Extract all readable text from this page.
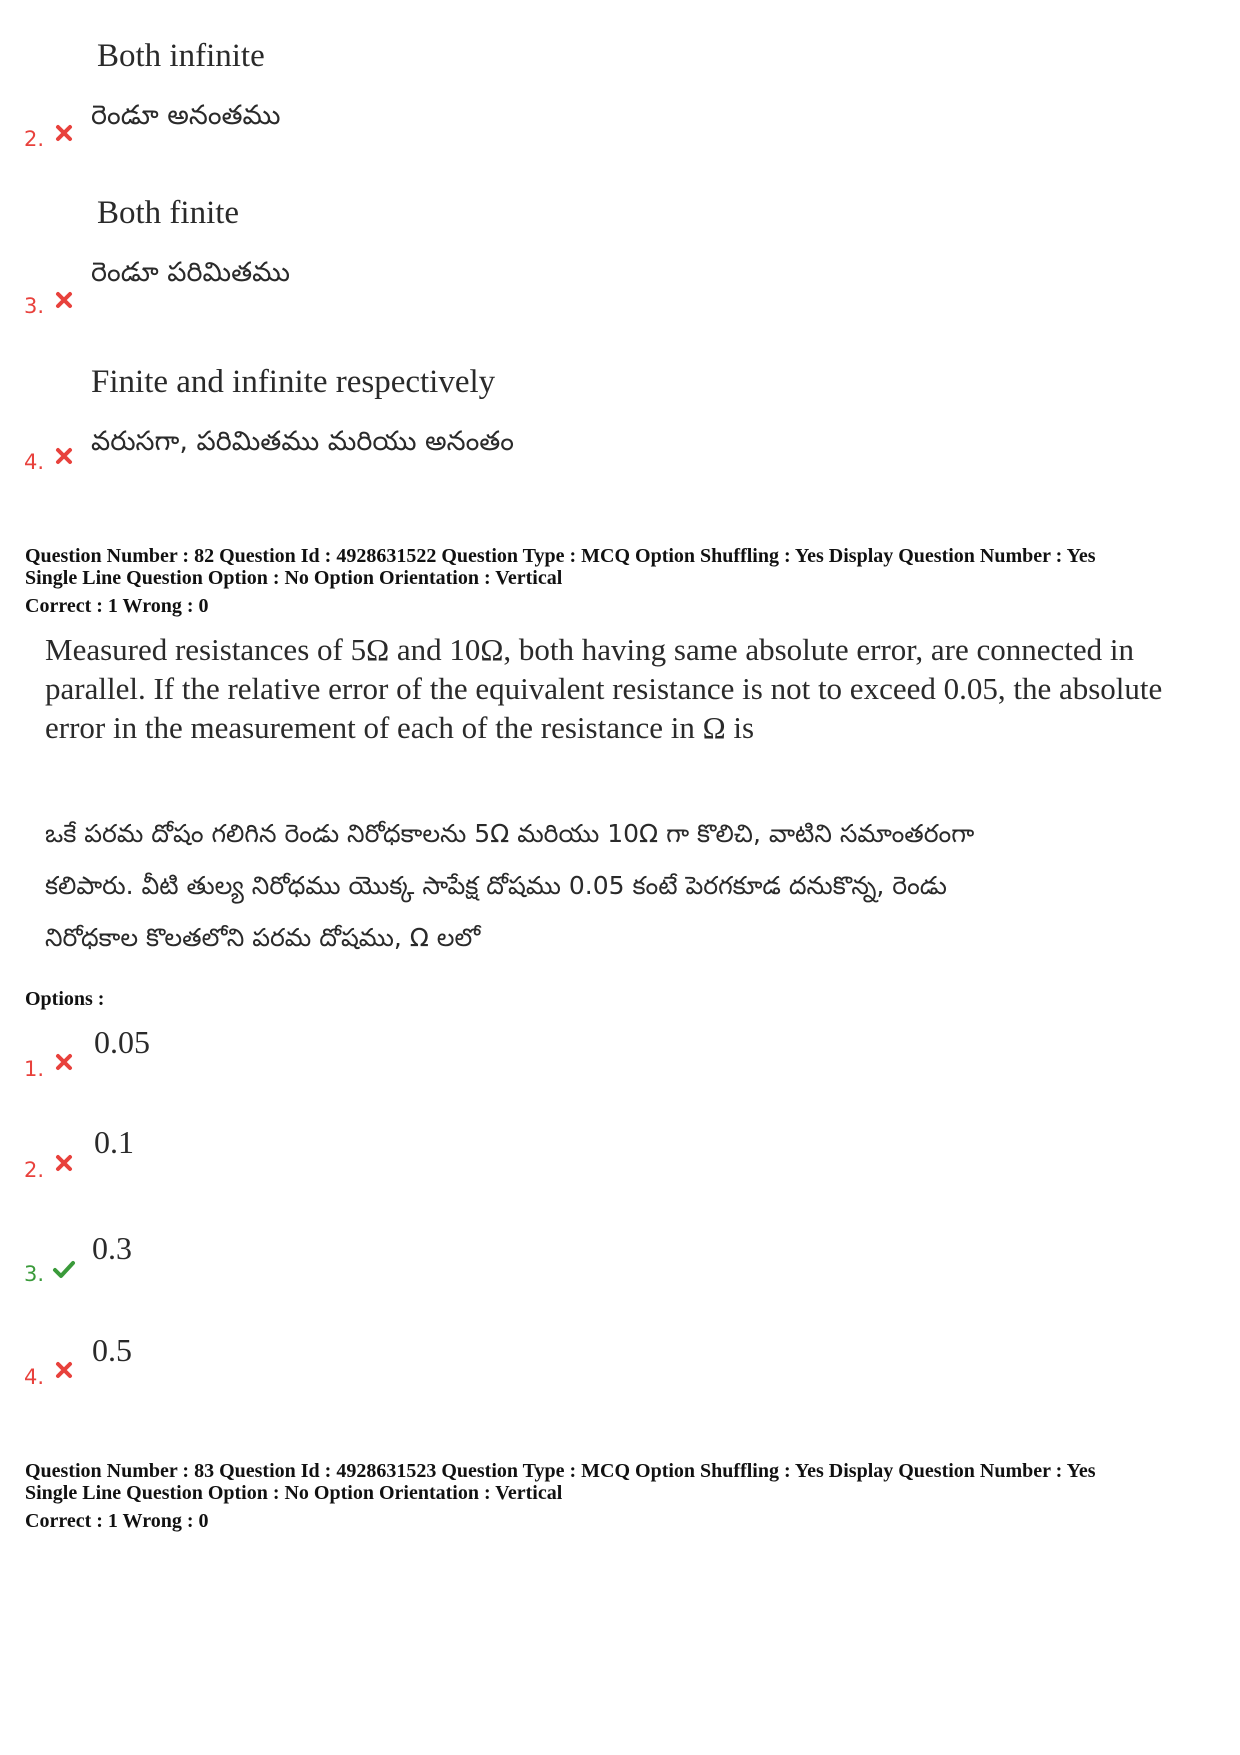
Both infinite
2.
రెండూ అనంతము
Both finite
3.
రెండూ పరిమితము
Finite and infinite respectively
4.
వరుసగా, పరిమితము మరియు అనంతం
Question Number : 82 Question Id : 4928631522 Question Type : MCQ Option Shuffling : Yes Display Question Number : Yes
Single Line Question Option : No Option Orientation : Vertical
Correct : 1 Wrong : 0
Measured resistances of 5Ω and 10Ω, both having same absolute error, are connected in
parallel. If the relative error of the equivalent resistance is not to exceed 0.05, the absolute
error in the measurement of each of the resistance in Ω is
ఒకే పరమ దోషం గలిగిన రెండు నిరోధకాలను 5Ω మరియు 10Ω గా కొలిచి, వాటిని సమాంతరంగా
కలిపారు. వీటి తుల్య నిరోధము యొక్క సాపేక్ష దోషము 0.05 కంటే పెరగకూడ దనుకొన్న, రెండు
నిరోధకాల కొలతలోని పరమ దోషము, Ω లలో
Options :
1.
0.05
2.
0.1
3.
0.3
4.
0.5
Question Number : 83 Question Id : 4928631523 Question Type : MCQ Option Shuffling : Yes Display Question Number : Yes
Single Line Question Option : No Option Orientation : Vertical
Correct : 1 Wrong : 0
